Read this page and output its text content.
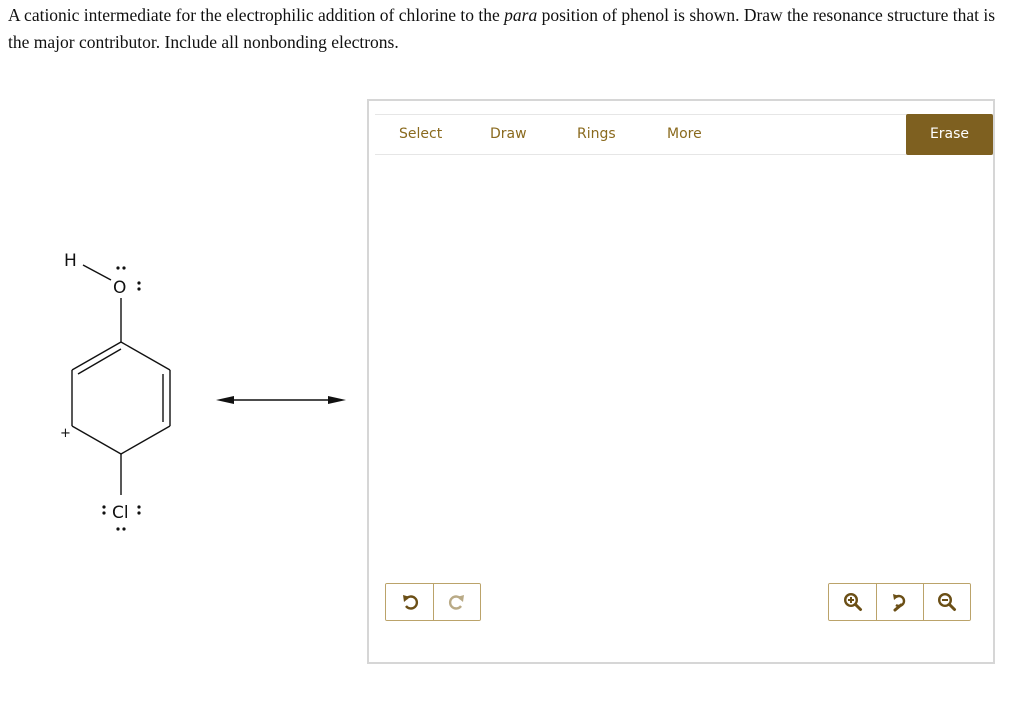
A cationic intermediate for the electrophilic addition of chlorine to the para position of phenol is shown. Draw the resonance structure that is the major contributor. Include all nonbonding electrons.
H
O
Cl
+
Select	Draw	Rings	More	Erase
